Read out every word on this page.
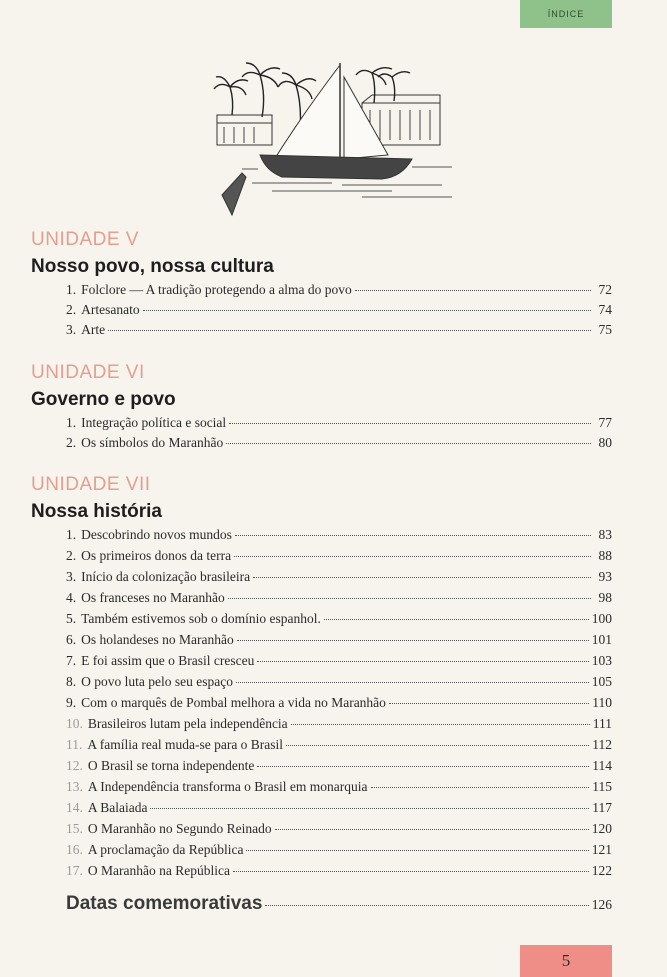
ÍNDICE
UNIDADE V
Nosso povo, nossa cultura
1. Folclore — A tradição protegendo a alma do povo	72
2. Artesanato	74
3. Arte	75
UNIDADE VI
Governo e povo
1. Integração política e social	77
2. Os símbolos do Maranhão	80
UNIDADE VII
Nossa história
1. Descobrindo novos mundos	83
2. Os primeiros donos da terra	88
3. Início da colonização brasileira	93
4. Os franceses no Maranhão	98
5. Também estivemos sob o domínio espanhol.	100
6. Os holandeses no Maranhão	101
7. E foi assim que o Brasil cresceu	103
8. O povo luta pelo seu espaço	105
9. Com o marquês de Pombal melhora a vida no Maranhão	110
10. Brasileiros lutam pela independência	111
11. A família real muda-se para o Brasil	112
12. O Brasil se torna independente	114
13. A Independência transforma o Brasil em monarquia	115
14. A Balaiada	117
15. O Maranhão no Segundo Reinado	120
16. A proclamação da República	121
17. O Maranhão na República	122
Datas comemorativas	126
5
